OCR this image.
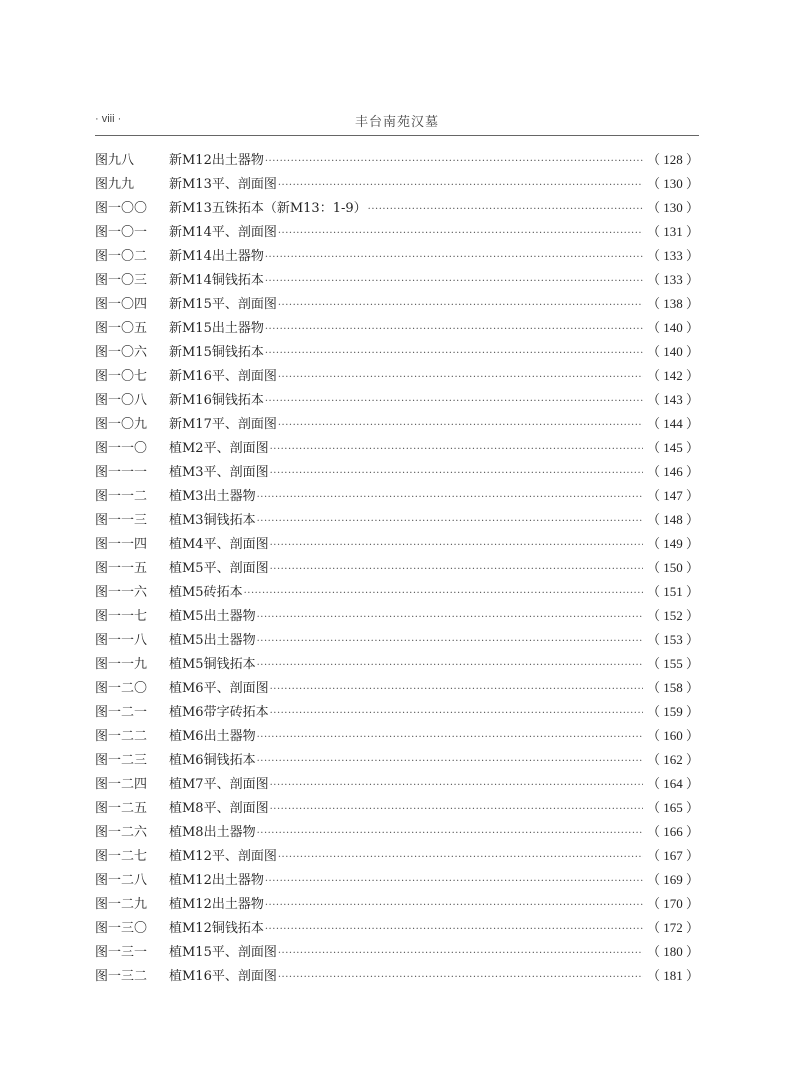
· viii ·	丰台南苑汉墓
图九八	新M12出土器物 ·····	（ 128 ）
图九九	新M13平、剖面图 ·····	（ 130 ）
图一〇〇	新M13五铢拓本（新M13：1-9） ·····	（ 130 ）
图一〇一	新M14平、剖面图 ·····	（ 131 ）
图一〇二	新M14出土器物 ·····	（ 133 ）
图一〇三	新M14铜钱拓本 ·····	（ 133 ）
图一〇四	新M15平、剖面图 ·····	（ 138 ）
图一〇五	新M15出土器物 ·····	（ 140 ）
图一〇六	新M15铜钱拓本 ·····	（ 140 ）
图一〇七	新M16平、剖面图 ·····	（ 142 ）
图一〇八	新M16铜钱拓本 ·····	（ 143 ）
图一〇九	新M17平、剖面图 ·····	（ 144 ）
图一一〇	植M2平、剖面图 ·····	（ 145 ）
图一一一	植M3平、剖面图 ·····	（ 146 ）
图一一二	植M3出土器物 ·····	（ 147 ）
图一一三	植M3铜钱拓本 ·····	（ 148 ）
图一一四	植M4平、剖面图 ·····	（ 149 ）
图一一五	植M5平、剖面图 ·····	（ 150 ）
图一一六	植M5砖拓本 ·····	（ 151 ）
图一一七	植M5出土器物 ·····	（ 152 ）
图一一八	植M5出土器物 ·····	（ 153 ）
图一一九	植M5铜钱拓本 ·····	（ 155 ）
图一二〇	植M6平、剖面图 ·····	（ 158 ）
图一二一	植M6带字砖拓本 ·····	（ 159 ）
图一二二	植M6出土器物 ·····	（ 160 ）
图一二三	植M6铜钱拓本 ·····	（ 162 ）
图一二四	植M7平、剖面图 ·····	（ 164 ）
图一二五	植M8平、剖面图 ·····	（ 165 ）
图一二六	植M8出土器物 ·····	（ 166 ）
图一二七	植M12平、剖面图 ·····	（ 167 ）
图一二八	植M12出土器物 ·····	（ 169 ）
图一二九	植M12出土器物 ·····	（ 170 ）
图一三〇	植M12铜钱拓本 ·····	（ 172 ）
图一三一	植M15平、剖面图 ·····	（ 180 ）
图一三二	植M16平、剖面图 ·····	（ 181 ）
